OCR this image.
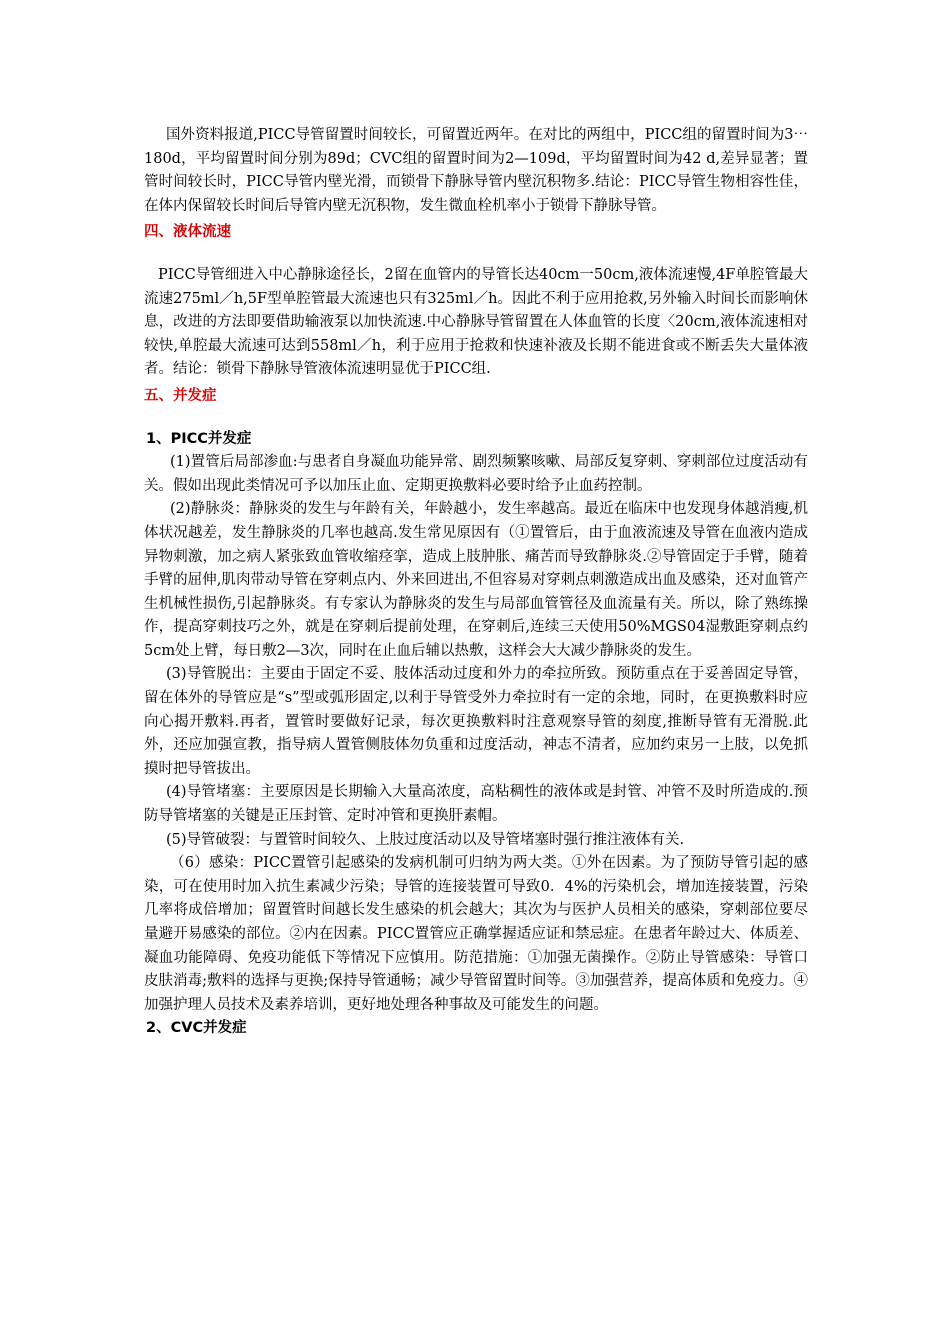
国外资料报道,PICC导管留置时间较长，可留置近两年。在对比的两组中，PICC组的留置时间为3⋯180d，平均留置时间分别为89d；CVC组的留置时间为2—109d，平均留置时间为42 d,差异显著；置管时间较长时，PICC导管内壁光滑，而锁骨下静脉导管内壁沉积物多.结论：PICC导管生物相容性佳，在体内保留较长时间后导管内壁无沉积物，发生微血栓机率小于锁骨下静脉导管。

四、液体流速

PICC导管细进入中心静脉途径长，2留在血管内的导管长达40cm一50cm,液体流速慢,4F单腔管最大流速275ml／h,5F型单腔管最大流速也只有325ml／h。因此不利于应用抢救,另外输入时间长而影响休息，改进的方法即要借助输液泵以加快流速.中心静脉导管留置在人体血管的长度〈20cm,液体流速相对较快,单腔最大流速可达到558ml／h，利于应用于抢救和快速补液及长期不能进食或不断丢失大量体液者。结论：锁骨下静脉导管液体流速明显优于PICC组.

五、并发症

1、PICC并发症

(1)置管后局部渗血:与患者自身凝血功能异常、剧烈频繁咳嗽、局部反复穿刺、穿刺部位过度活动有关。假如出现此类情况可予以加压止血、定期更换敷料必要时给予止血药控制。

(2)静脉炎：静脉炎的发生与年龄有关，年龄越小，发生率越高。最近在临床中也发现身体越消瘦,机体状况越差，发生静脉炎的几率也越高.发生常见原因有（①置管后，由于血液流速及导管在血液内造成异物刺激，加之病人紧张致血管收缩痉挛，造成上肢肿胀、痛苦而导致静脉炎.②导管固定于手臂，随着手臂的屈伸,肌肉带动导管在穿刺点内、外来回进出,不但容易对穿刺点刺激造成出血及感染，还对血管产生机械性损伤,引起静脉炎。有专家认为静脉炎的发生与局部血管管径及血流量有关。所以，除了熟练操作，提高穿刺技巧之外，就是在穿刺后提前处理，在穿刺后,连续三天使用50%MGS04湿敷距穿刺点约5cm处上臂，每日敷2—3次，同时在止血后辅以热敷，这样会大大减少静脉炎的发生。

(3)导管脱出：主要由于固定不妥、肢体活动过度和外力的牵拉所致。预防重点在于妥善固定导管，留在体外的导管应是“s”型或弧形固定,以利于导管受外力牵拉时有一定的余地，同时，在更换敷料时应向心揭开敷料.再者，置管时要做好记录，每次更换敷料时注意观察导管的刻度,推断导管有无滑脱.此外，还应加强宣教，指导病人置管侧肢体勿负重和过度活动，神志不清者，应加约束另一上肢，以免抓摸时把导管拔出。

(4)导管堵塞：主要原因是长期输入大量高浓度，高粘稠性的液体或是封管、冲管不及时所造成的.预防导管堵塞的关键是正压封管、定时冲管和更换肝素帽。

(5)导管破裂：与置管时间较久、上肢过度活动以及导管堵塞时强行推注液体有关.

（6）感染：PICC置管引起感染的发病机制可归纳为两大类。①外在因素。为了预防导管引起的感染，可在使用时加入抗生素减少污染；导管的连接装置可导致0．4%的污染机会，增加连接装置，污染几率将成倍增加；留置管时间越长发生感染的机会越大；其次为与医护人员相关的感染，穿刺部位要尽量避开易感染的部位。②内在因素。PICC置管应正确掌握适应证和禁忌症。在患者年龄过大、体质差、凝血功能障碍、免疫功能低下等情况下应慎用。防范措施：①加强无菌操作。②防止导管感染：导管口皮肤消毒;敷料的选择与更换;保持导管通畅；减少导管留置时间等。③加强营养，提高体质和免疫力。④加强护理人员技术及素养培训，更好地处理各种事故及可能发生的问题。

2、CVC并发症
